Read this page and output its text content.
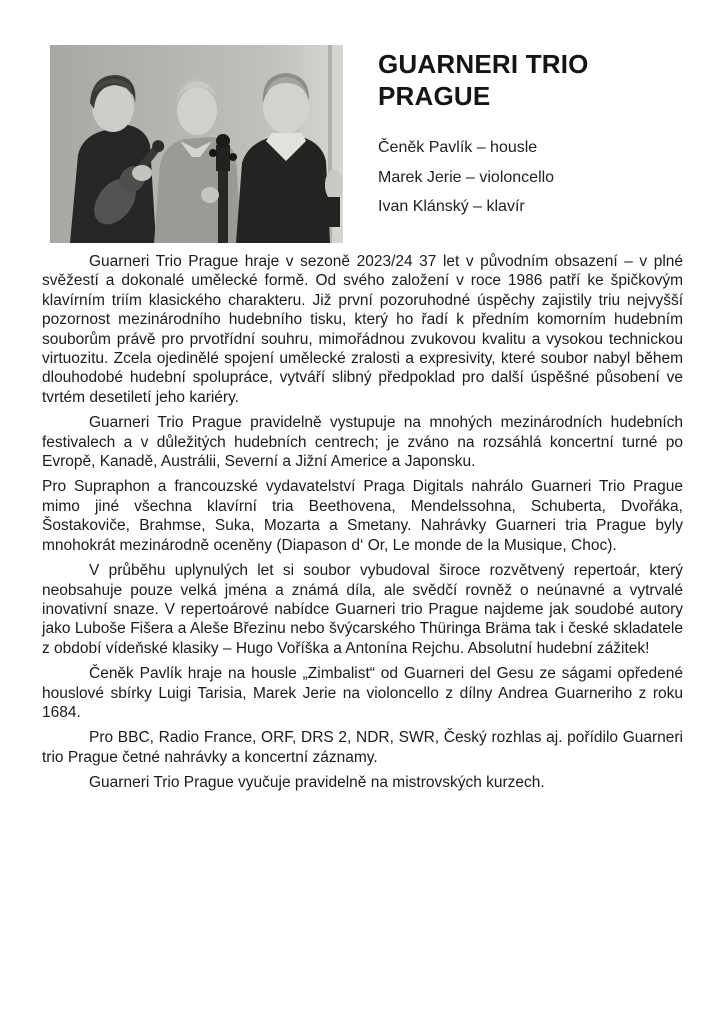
GUARNERI TRIO
PRAGUE
Čeněk Pavlík – housle
Marek Jerie – violoncello
Ivan Klánský – klavír

Guarneri Trio Prague hraje v sezoně 2023/24 37 let v původním obsazení – v plné svěžestí a dokonalé umělecké formě. Od svého založení v roce 1986 patří ke špičkovým klavírním triím klasického charakteru. Již první pozoruhodné úspěchy zajistily triu nejvyšší pozornost mezinárodního hudebního tisku, který ho řadí k předním komorním hudebním souborům právě pro prvotřídní souhru, mimořádnou zvukovou kvalitu a vysokou technickou virtuozitu. Zcela ojedinělé spojení umělecké zralosti a expresivity, které soubor nabyl během dlouhodobé hudební spolupráce, vytváří slibný předpoklad pro další úspěšné působení ve tvrtém desetiletí jeho kariéry.

Guarneri Trio Prague pravidelně vystupuje na mnohých mezinárodních hudebních festivalech a v důležitých hudebních centrech; je zváno na rozsáhlá koncertní turné po Evropě, Kanadě, Austrálii, Severní a Jižní Americe a Japonsku.

Pro Supraphon a francouzské vydavatelství Praga Digitals nahrálo Guarneri Trio Prague mimo jiné všechna klavírní tria Beethovena, Mendelssohna, Schuberta, Dvořáka, Šostakoviče, Brahmse, Suka, Mozarta a Smetany. Nahrávky Guarneri tria Prague byly mnohokrát mezinárodně oceněny (Diapason d‘ Or, Le monde de la Musique, Choc).

V průběhu uplynulých let si soubor vybudoval široce rozvětvený repertoár, který neobsahuje pouze velká jména a známá díla, ale svědčí rovněž o neúnavné a vytrvalé inovativní snaze. V repertoárové nabídce Guarneri trio Prague najdeme jak soudobé autory jako Luboše Fišera a Aleše Březinu nebo švýcarského Thüringa Bräma tak i české skladatele z období vídeňské klasiky – Hugo Voříška a Antonína Rejchu. Absolutní hudební zážitek!

Čeněk Pavlík hraje na housle „Zimbalist“ od Guarneri del Gesu ze ságami opředené houslové sbírky Luigi Tarisia, Marek Jerie na violoncello z dílny Andrea Guarneriho z roku 1684.

Pro BBC, Radio France, ORF, DRS 2, NDR, SWR, Český rozhlas aj. pořídilo Guarneri trio Prague četné nahrávky a koncertní záznamy.

Guarneri Trio Prague vyučuje pravidelně na mistrovských kurzech.
